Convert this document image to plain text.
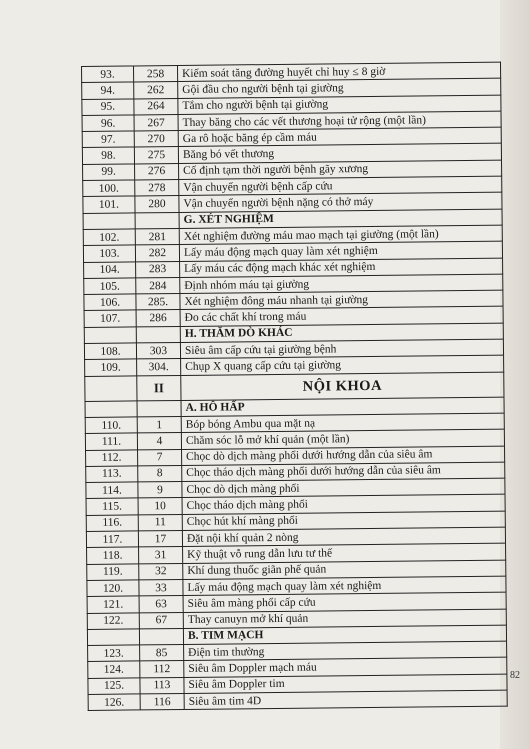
93.	258	Kiểm soát tăng đường huyết chỉ huy ≤ 8 giờ
94.	262	Gội đầu cho người bệnh tại giường
95.	264	Tắm cho người bệnh tại giường
96.	267	Thay băng cho các vết thương hoại tử rộng (một lần)
97.	270	Ga rô hoặc băng ép cầm máu
98.	275	Băng bó vết thương
99.	276	Cố định tạm thời người bệnh gãy xương
100.	278	Vận chuyển người bệnh cấp cứu
101.	280	Vận chuyển người bệnh nặng có thở máy
		G. XÉT NGHIỆM
102.	281	Xét nghiệm đường máu mao mạch tại giường (một lần)
103.	282	Lấy máu động mạch quay làm xét nghiệm
104.	283	Lấy máu các động mạch khác xét nghiệm
105.	284	Định nhóm máu tại giường
106.	285.	Xét nghiệm đông máu nhanh tại giường
107.	286	Đo các chất khí trong máu
		H. THĂM DÒ KHÁC
108.	303	Siêu âm cấp cứu tại giường bệnh
109.	304.	Chụp X quang cấp cứu tại giường
	II	NỘI KHOA
		A. HÔ HẤP
110.	1	Bóp bóng Ambu qua mặt nạ
111.	4	Chăm sóc lỗ mở khí quản (một lần)
112.	7	Chọc dò dịch màng phổi dưới hướng dẫn của siêu âm
113.	8	Chọc tháo dịch màng phổi dưới hướng dẫn của siêu âm
114.	9	Chọc dò dịch màng phổi
115.	10	Chọc tháo dịch màng phổi
116.	11	Chọc hút khí màng phổi
117.	17	Đặt nội khí quản 2 nòng
118.	31	Kỹ thuật vỗ rung dẫn lưu tư thế
119.	32	Khí dung thuốc giãn phế quản
120.	33	Lấy máu động mạch quay làm xét nghiệm
121.	63	Siêu âm màng phổi cấp cứu
122.	67	Thay canuyn mở khí quản
		B. TIM MẠCH
123.	85	Điện tim thường
124.	112	Siêu âm Doppler mạch máu
125.	113	Siêu âm Doppler tim
126.	116	Siêu âm tim 4D
82
